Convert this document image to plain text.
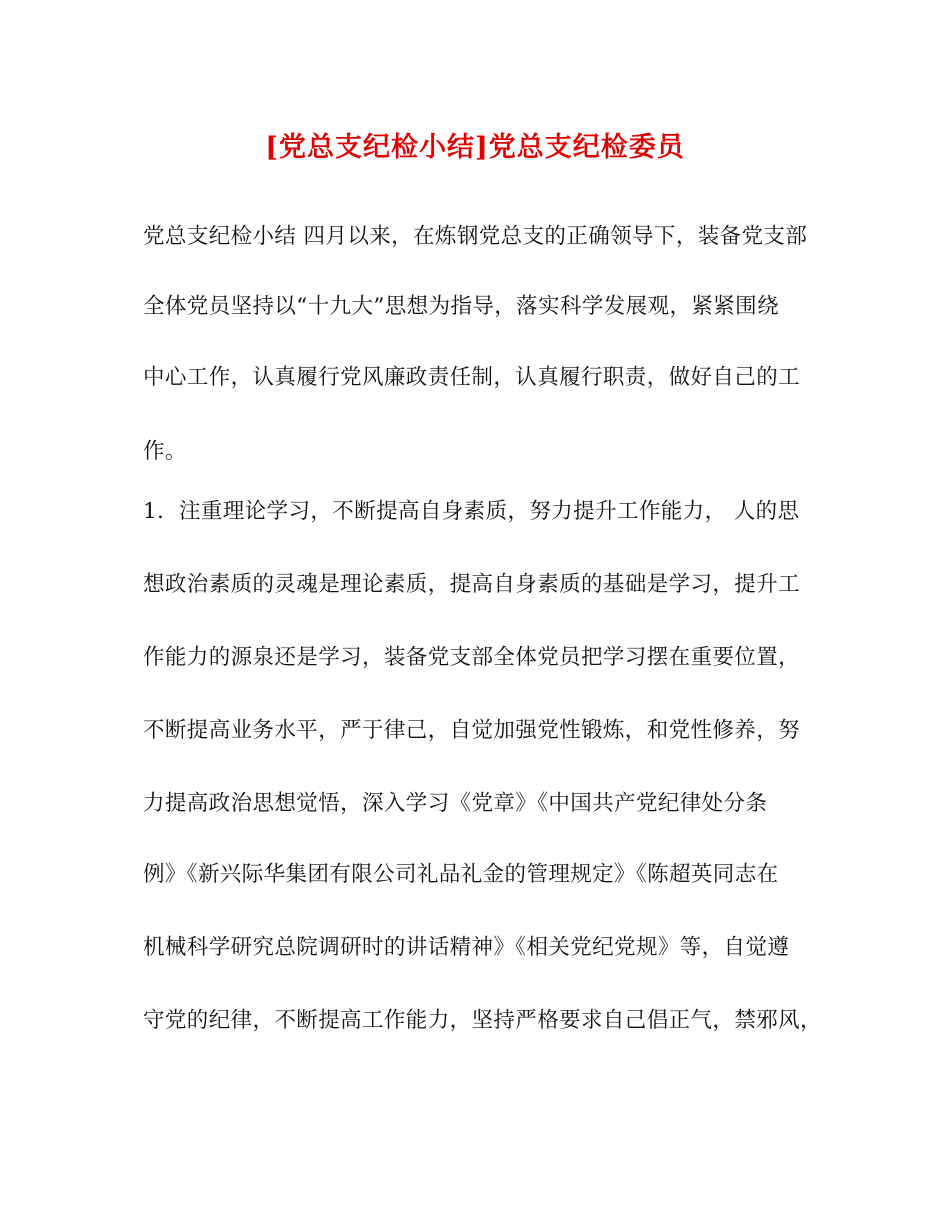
[党总支纪检小结]党总支纪检委员
党总支纪检小结 四月以来，在炼钢党总支的正确领导下，装备党支部
全体党员坚持以“十九大”思想为指导，落实科学发展观，紧紧围绕
中心工作，认真履行党风廉政责任制，认真履行职责，做好自己的工
作。
1．注重理论学习，不断提高自身素质，努力提升工作能力， 人的思
想政治素质的灵魂是理论素质，提高自身素质的基础是学习，提升工
作能力的源泉还是学习，装备党支部全体党员把学习摆在重要位置，
不断提高业务水平，严于律己，自觉加强党性锻炼，和党性修养，努
力提高政治思想觉悟，深入学习《党章》《中国共产党纪律处分条
例》《新兴际华集团有限公司礼品礼金的管理规定》《陈超英同志在
机械科学研究总院调研时的讲话精神》《相关党纪党规》等，自觉遵
守党的纪律，不断提高工作能力，坚持严格要求自己倡正气，禁邪风，
